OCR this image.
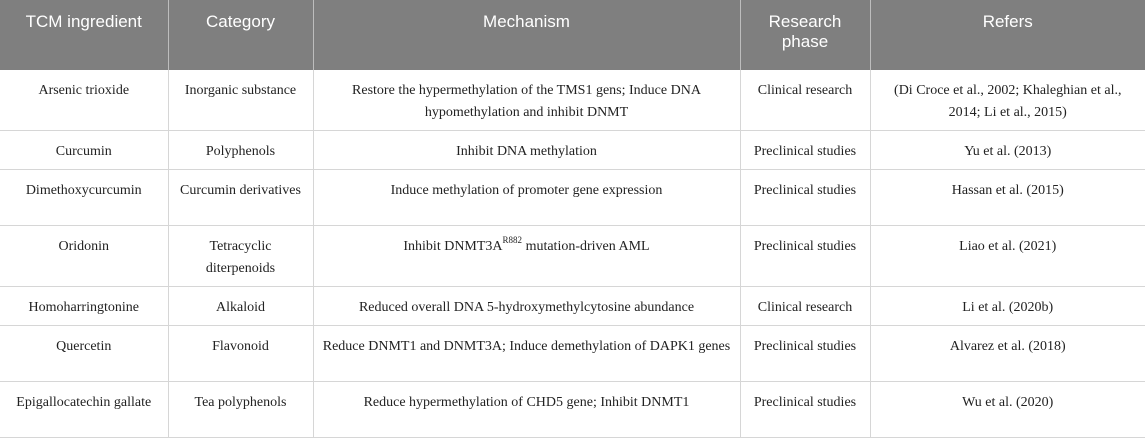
TCM ingredient	Category	Mechanism	Research phase	Refers
Arsenic trioxide	Inorganic substance	Restore the hypermethylation of the TMS1 gens; Induce DNA hypomethylation and inhibit DNMT	Clinical research	(Di Croce et al., 2002; Khaleghian et al., 2014; Li et al., 2015)
Curcumin	Polyphenols	Inhibit DNA methylation	Preclinical studies	Yu et al. (2013)
Dimethoxycurcumin	Curcumin derivatives	Induce methylation of promoter gene expression	Preclinical studies	Hassan et al. (2015)
Oridonin	Tetracyclic diterpenoids	Inhibit $DNMT3A^{R882}$ mutation-driven AML	Preclinical studies	Liao et al. (2021)
Homoharringtonine	Alkaloid	Reduced overall DNA 5-hydroxymethylcytosine abundance	Clinical research	Li et al. (2020b)
Quercetin	Flavonoid	Reduce DNMT1 and DNMT3A; Induce demethylation of DAPK1 genes	Preclinical studies	Alvarez et al. (2018)
Epigallocatechin gallate	Tea polyphenols	Reduce hypermethylation of CHD5 gene; Inhibit DNMT1	Preclinical studies	Wu et al. (2020)
